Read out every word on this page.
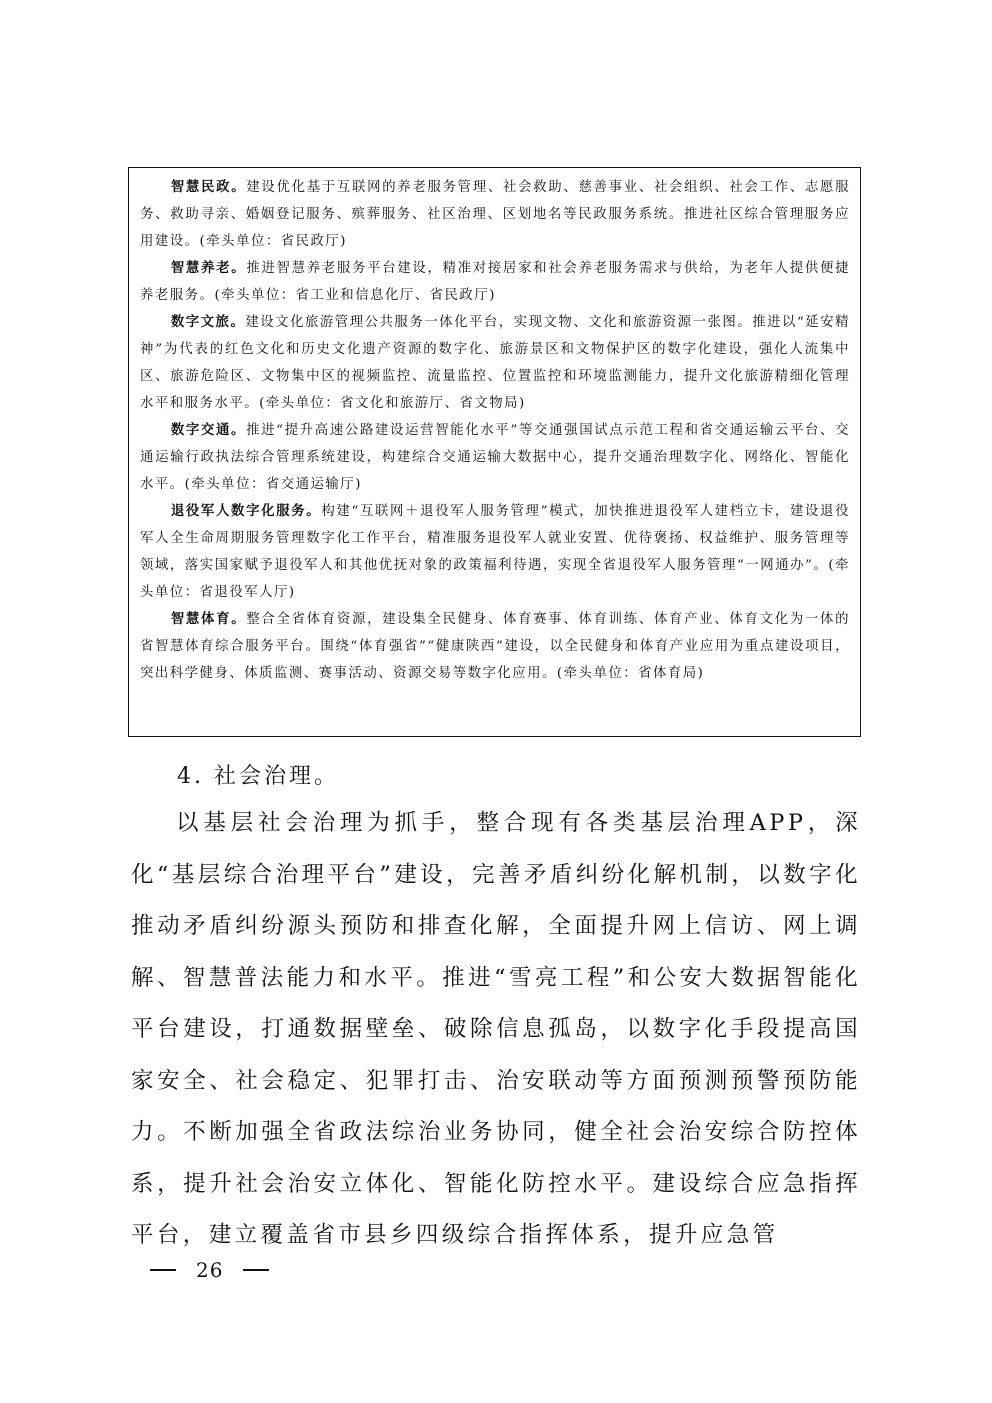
智慧民政。建设优化基于互联网的养老服务管理、社会救助、慈善事业、社会组织、社会工作、志愿服务、救助寻亲、婚姻登记服务、殡葬服务、社区治理、区划地名等民政服务系统。推进社区综合管理服务应用建设。(牵头单位：省民政厅)

智慧养老。推进智慧养老服务平台建设，精准对接居家和社会养老服务需求与供给，为老年人提供便捷养老服务。(牵头单位：省工业和信息化厅、省民政厅)

数字文旅。建设文化旅游管理公共服务一体化平台，实现文物、文化和旅游资源一张图。推进以“延安精神”为代表的红色文化和历史文化遗产资源的数字化、旅游景区和文物保护区的数字化建设，强化人流集中区、旅游危险区、文物集中区的视频监控、流量监控、位置监控和环境监测能力，提升文化旅游精细化管理水平和服务水平。(牵头单位：省文化和旅游厅、省文物局)

数字交通。推进“提升高速公路建设运营智能化水平”等交通强国试点示范工程和省交通运输云平台、交通运输行政执法综合管理系统建设，构建综合交通运输大数据中心，提升交通治理数字化、网络化、智能化水平。(牵头单位：省交通运输厅)

退役军人数字化服务。构建“互联网＋退役军人服务管理”模式，加快推进退役军人建档立卡，建设退役军人全生命周期服务管理数字化工作平台，精准服务退役军人就业安置、优待褒扬、权益维护、服务管理等领域，落实国家赋予退役军人和其他优抚对象的政策福利待遇，实现全省退役军人服务管理“一网通办”。(牵头单位：省退役军人厅)

智慧体育。整合全省体育资源，建设集全民健身、体育赛事、体育训练、体育产业、体育文化为一体的省智慧体育综合服务平台。围绕“体育强省”“健康陕西”建设，以全民健身和体育产业应用为重点建设项目，突出科学健身、体质监测、赛事活动、资源交易等数字化应用。(牵头单位：省体育局)

4. 社会治理。

以基层社会治理为抓手，整合现有各类基层治理APP，深化“基层综合治理平台”建设，完善矛盾纠纷化解机制，以数字化推动矛盾纠纷源头预防和排查化解，全面提升网上信访、网上调解、智慧普法能力和水平。推进“雪亮工程”和公安大数据智能化平台建设，打通数据壁垒、破除信息孤岛，以数字化手段提高国家安全、社会稳定、犯罪打击、治安联动等方面预测预警预防能力。不断加强全省政法综治业务协同，健全社会治安综合防控体系，提升社会治安立体化、智能化防控水平。建设综合应急指挥平台，建立覆盖省市县乡四级综合指挥体系，提升应急管

26
